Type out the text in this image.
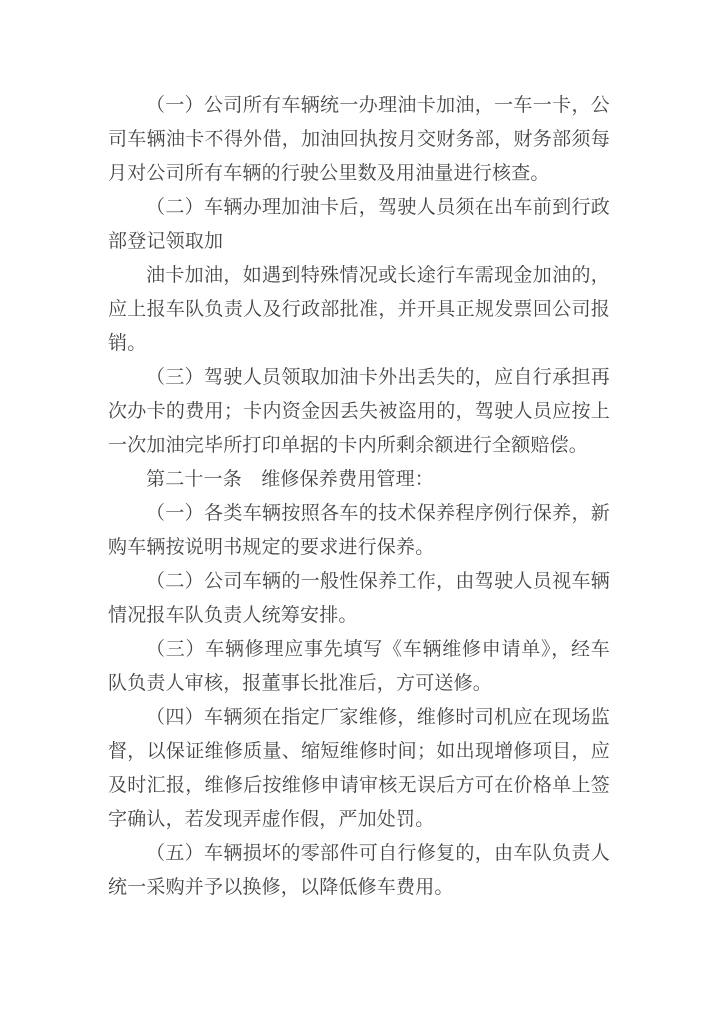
（一）公司所有车辆统一办理油卡加油，一车一卡，公司车辆油卡不得外借，加油回执按月交财务部，财务部须每月对公司所有车辆的行驶公里数及用油量进行核查。

（二）车辆办理加油卡后，驾驶人员须在出车前到行政部登记领取加

油卡加油，如遇到特殊情况或长途行车需现金加油的，应上报车队负责人及行政部批准，并开具正规发票回公司报销。

（三）驾驶人员领取加油卡外出丢失的，应自行承担再次办卡的费用；卡内资金因丢失被盗用的，驾驶人员应按上一次加油完毕所打印单据的卡内所剩余额进行全额赔偿。

第二十一条　维修保养费用管理：

（一）各类车辆按照各车的技术保养程序例行保养，新购车辆按说明书规定的要求进行保养。

（二）公司车辆的一般性保养工作，由驾驶人员视车辆情况报车队负责人统筹安排。

（三）车辆修理应事先填写《车辆维修申请单》，经车队负责人审核，报董事长批准后，方可送修。

（四）车辆须在指定厂家维修，维修时司机应在现场监督，以保证维修质量、缩短维修时间；如出现增修项目，应及时汇报，维修后按维修申请审核无误后方可在价格单上签字确认，若发现弄虚作假，严加处罚。

（五）车辆损坏的零部件可自行修复的，由车队负责人统一采购并予以换修，以降低修车费用。
